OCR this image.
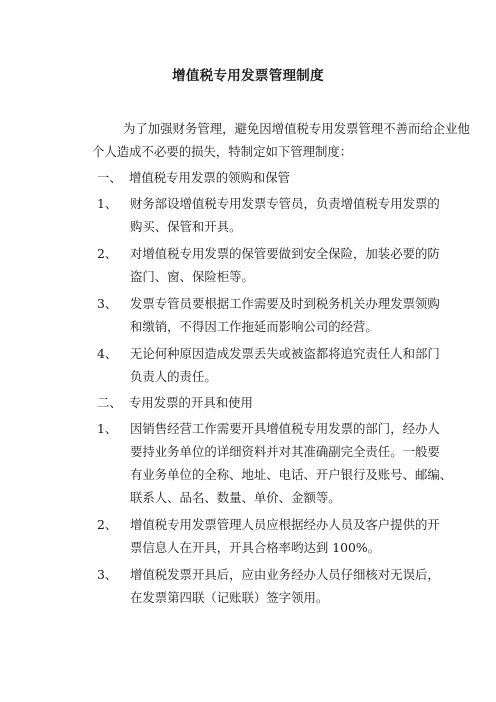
增值税专用发票管理制度
为了加强财务管理，避免因增值税专用发票管理不善而给企业他
个人造成不必要的损失，特制定如下管理制度：
一、 增值税专用发票的领购和保管
1、	财务部设增值税专用发票专管员，负责增值税专用发票的
购买、保管和开具。
2、	对增值税专用发票的保管要做到安全保险，加装必要的防
盗门、窗、保险柜等。
3、	发票专管员要根据工作需要及时到税务机关办理发票领购
和缴销，不得因工作拖延而影响公司的经营。
4、	无论何种原因造成发票丢失或被盗都将追究责任人和部门
负责人的责任。
二、 专用发票的开具和使用
1、	因销售经营工作需要开具增值税专用发票的部门，经办人
要持业务单位的详细资料并对其准确副完全责任。一般要
有业务单位的全称、地址、电话、开户银行及账号、邮编、
联系人、品名、数量、单价、金额等。
2、	增值税专用发票管理人员应根据经办人员及客户提供的开
票信息人在开具，开具合格率哟达到 100%。
3、	增值税发票开具后，应由业务经办人员仔细核对无误后，
在发票第四联（记账联）签字领用。
